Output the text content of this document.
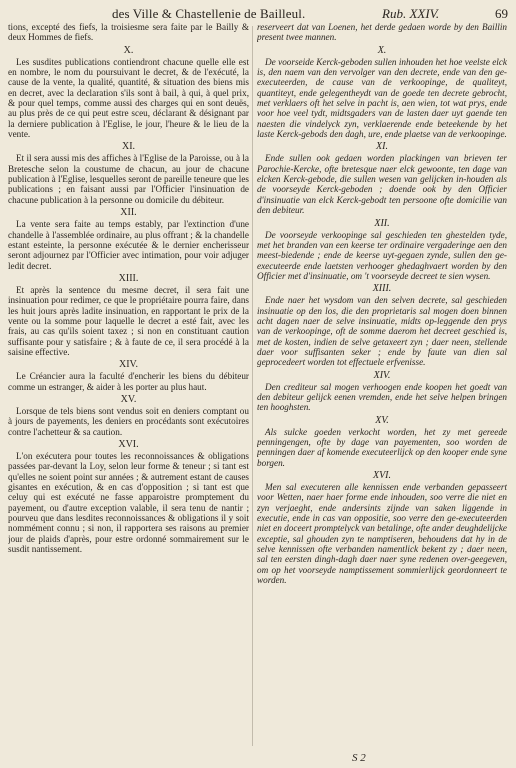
des Ville & Chastellenie de Bailleul.	Rub. XXIV.	69

tions, excepté des fiefs, la troisiesme sera faite par le Bailly & deux Hommes de fiefs.

X.

Les susdites publications contiendront chacune quelle elle est en nombre, le nom du poursuivant le decret, & de l'exécuté, la cause de la vente, la qualité, quantité, & situation des biens mis en decret, avec la declaration s'ils sont à bail, à qui, à quel prix, & pour quel temps, comme aussi des charges qui en sont deuës, au plus près de ce qui peut estre sceu, déclarant & désignant par la derniere publication à l'Eglise, le jour, l'heure & le lieu de la vente.

XI.

Et il sera aussi mis des affiches à l'Eglise de la Paroisse, ou à la Bretesche selon la coustume de chacun, au jour de chacune publication à l'Eglise, lesquelles seront de pareille teneure que les publications ; en faisant aussi par l'Officier l'insinuation de chacune publication à la personne ou domicile du débiteur.

XII.

La vente sera faite au temps estably, par l'extinction d'une chandelle à l'assemblée ordinaire, au plus offrant ; & la chandelle estant esteinte, la personne exécutée & le dernier encherisseur seront adjournez par l'Officier avec intimation, pour voir adjuger ledit decret.

XIII.

Et après la sentence du mesme decret, il sera fait une insinuation pour redimer, ce que le propriétaire pourra faire, dans les huit jours après ladite insinuation, en rapportant le prix de la vente ou la somme pour laquelle le decret a esté fait, avec les frais, au cas qu'ils soient taxez ; si non en constituant caution suffisante pour y satisfaire ; & à faute de ce, il sera procédé à la saisine effective.

XIV.

Le Créancier aura la faculté d'encherir les biens du débiteur comme un estranger, & aider à les porter au plus haut.

XV.

Lorsque de tels biens sont vendus soit en deniers comptant ou à jours de payements, les deniers en procédants sont exécutoires contre l'achetteur & sa caution.

XVI.

L'on exécutera pour toutes les reconnoissances & obligations passées par-devant la Loy, selon leur forme & teneur ; si tant est qu'elles ne soient point sur années ; & autrement estant de causes gisantes en exécution, & en cas d'opposition ; si tant est que celuy qui est exécuté ne fasse apparoistre promptement du payement, ou d'autre exception valable, il sera tenu de nantir ; pourveu que dans lesdites reconnoissances & obligations il y soit nommément connu ; si non, il rapportera ses raisons au premier jour de plaids d'après, pour estre ordonné sommairement sur le susdit nantissement.

reserveert dat van Loenen, het derde gedaen worde by den Baillin present twee mannen.

X.

De voorseide Kerck-geboden sullen inhouden het hoe veelste elck is, den naem van den vervolger van den decrete, ende van den ge-executeerden, de cause van de verkoopinge, de qualiteyt, quantiteyt, ende gelegentheydt van de goede ten decrete gebrocht, met verklaers oft het selve in pacht is, aen wien, tot wat prys, ende voor hoe veel tydt, midtsgaders van de lasten daer uyt gaende ten naesten die vindelyck zyn, verklaerende ende beteekende by het laste Kerck-gebods den dagh, ure, ende plaetse van de verkoopinge.

XI.

Ende sullen ook gedaen worden plackingen van brieven ter Parochie-Kercke, ofte bretesque naer elck gewoonte, ten dage van elcken Kerck-gebode, die sullen wesen van gelijcken in-houden als de voorseyde Kerck-geboden ; doende ook by den Officier d'insinuatie van elck Kerck-gebodt ten persoone ofte domicilie van den debiteur.

XII.

De voorseyde verkoopinge sal geschieden ten ghestelden tyde, met het branden van een keerse ter ordinaire vergaderinge aen den meest-biedende ; ende de keerse uyt-gegaen zynde, sullen den ge-executeerde ende laetsten verhooger ghedaghvaert worden by den Officier met d'insinuatie, om 't voorseyde decreet te sien wysen.

XIII.

Ende naer het wysdom van den selven decrete, sal geschieden insinuatie op den los, die den proprietaris sal mogen doen binnen acht dagen naer de selve insinuatie, midts op-leggende den prys van de verkoopinge, oft de somme daerom het decreet geschied is, met de kosten, indien de selve getaxeert zyn ; daer neen, stellende daer voor suffisanten seker ; ende by faute van dien sal geprocedeert worden tot effectuele erfvenisse.

XIV.

Den crediteur sal mogen verhoogen ende koopen het goedt van den debiteur gelijck eenen vremden, ende het selve helpen bringen ten hooghsten.

XV.

Als sulcke goeden verkocht worden, het zy met gereede penningengen, ofte by dage van payementen, soo worden de penningen daer af komende executeerlijck op den kooper ende syne borgen.

XVI.

Men sal executeren alle kennissen ende verbanden gepasseert voor Wetten, naer haer forme ende inhouden, soo verre die niet en zyn verjaeght, ende andersints zijnde van saken liggende in executie, ende in cas van oppositie, soo verre den ge-executeerden niet en doceert promptelyck van betalinge, ofte ander deughdelijcke exceptie, sal ghouden zyn te namptiseren, behoudens dat hy in de selve kennissen ofte verbanden namentlick bekent zy ; daer neen, sal ten eersten dingh-dagh daer naer syne redenen over-geegeven, om op het voorseyde namptissement sommierlijck geordonneert te worden.

S 2
